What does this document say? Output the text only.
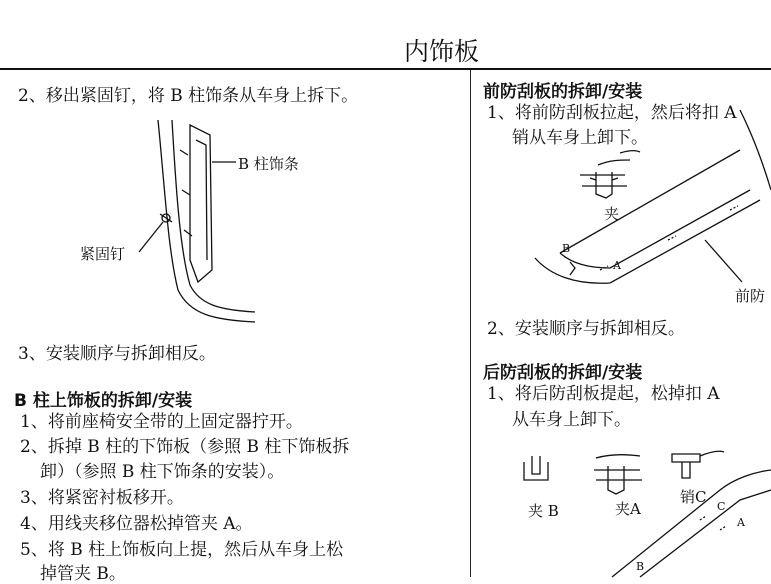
内饰板
2、移出紧固钉，将 B 柱饰条从车身上拆下。
B 柱饰条
紧固钉
3、安装顺序与拆卸相反。
B 柱上饰板的拆卸/安装
1、将前座椅安全带的上固定器拧开。
2、拆掉 B 柱的下饰板（参照 B 柱下饰板拆
卸）（参照 B 柱下饰条的安装）。
3、将紧密衬板移开。
4、用线夹移位器松掉管夹 A。
5、将 B 柱上饰板向上提，然后从车身上松
掉管夹 B。
前防刮板的拆卸/安装
1、将前防刮板拉起，然后将扣 A
销从车身上卸下。
夹
B
A
前防
2、安装顺序与拆卸相反。
后防刮板的拆卸/安装
1、将后防刮板提起，松掉扣 A
从车身上卸下。
夹 B	夹A
销C
C
A
B
